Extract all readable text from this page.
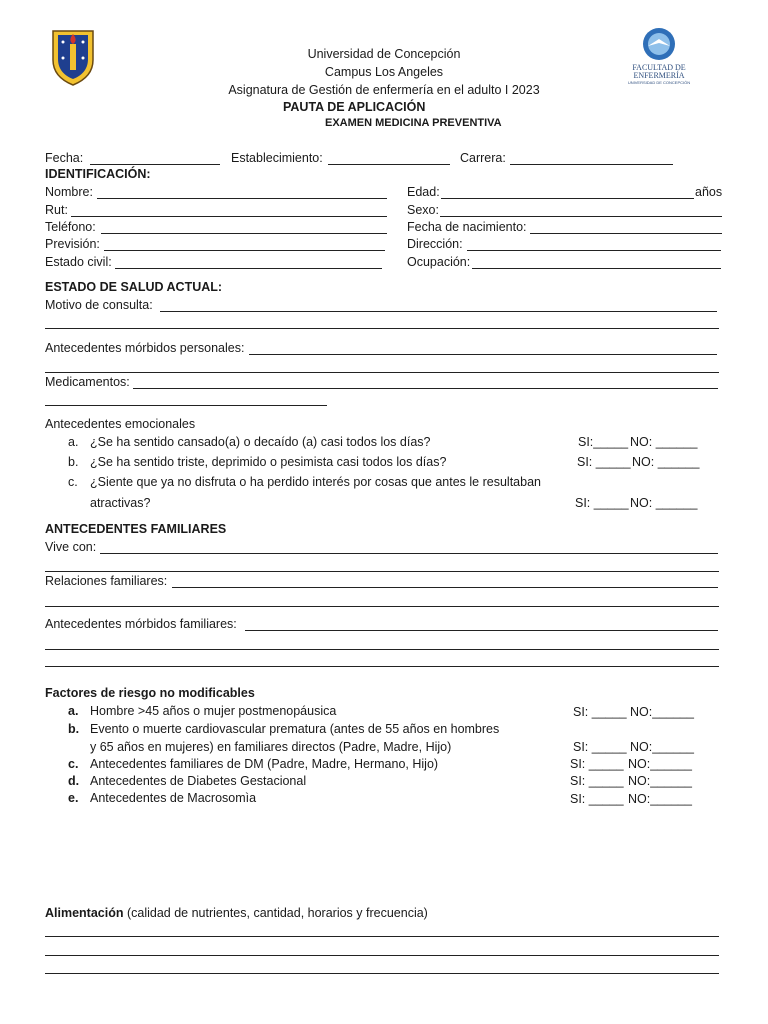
FACULTAD DE
ENFERMERÍA
UNIVERSIDAD DE CONCEPCIÓN
Universidad de Concepción
Campus Los Angeles
Asignatura de Gestión de enfermería en el adulto I 2023
PAUTA DE APLICACIÓN
EXAMEN MEDICINA PREVENTIVA
Fecha:	Establecimiento:	Carrera:
IDENTIFICACIÓN:
Nombre:	Edad:	años
Rut:	Sexo:
Teléfono:	Fecha de nacimiento:
Previsión:	Dirección:
Estado civil:	Ocupación:
ESTADO DE SALUD ACTUAL:
Motivo de consulta:
Antecedentes mórbidos personales:
Medicamentos:
Antecedentes emocionales
a. ¿Se ha sentido cansado(a) o decaído (a) casi todos los días?	SI:_____ NO: ______
b. ¿Se ha sentido triste, deprimido o pesimista casi todos los días?	SI: _____ NO: ______
c. ¿Siente que ya no disfruta o ha perdido interés por cosas que antes le resultaban
atractivas?	SI: _____ NO: ______
ANTECEDENTES FAMILIARES
Vive con:
Relaciones familiares:
Antecedentes mórbidos familiares:
Factores de riesgo no modificables
a. Hombre >45 años o mujer postmenopáusica	SI: _____ NO:______
b. Evento o muerte cardiovascular prematura (antes de 55 años en hombres
y 65 años en mujeres) en familiares directos (Padre, Madre, Hijo)	SI: _____ NO:______
c. Antecedentes familiares de DM (Padre, Madre, Hermano, Hijo)	SI: _____ NO:______
d. Antecedentes de Diabetes Gestacional	SI: _____ NO:______
e. Antecedentes de Macrosomìa	SI: _____ NO:______
Alimentación (calidad de nutrientes, cantidad, horarios y frecuencia)
